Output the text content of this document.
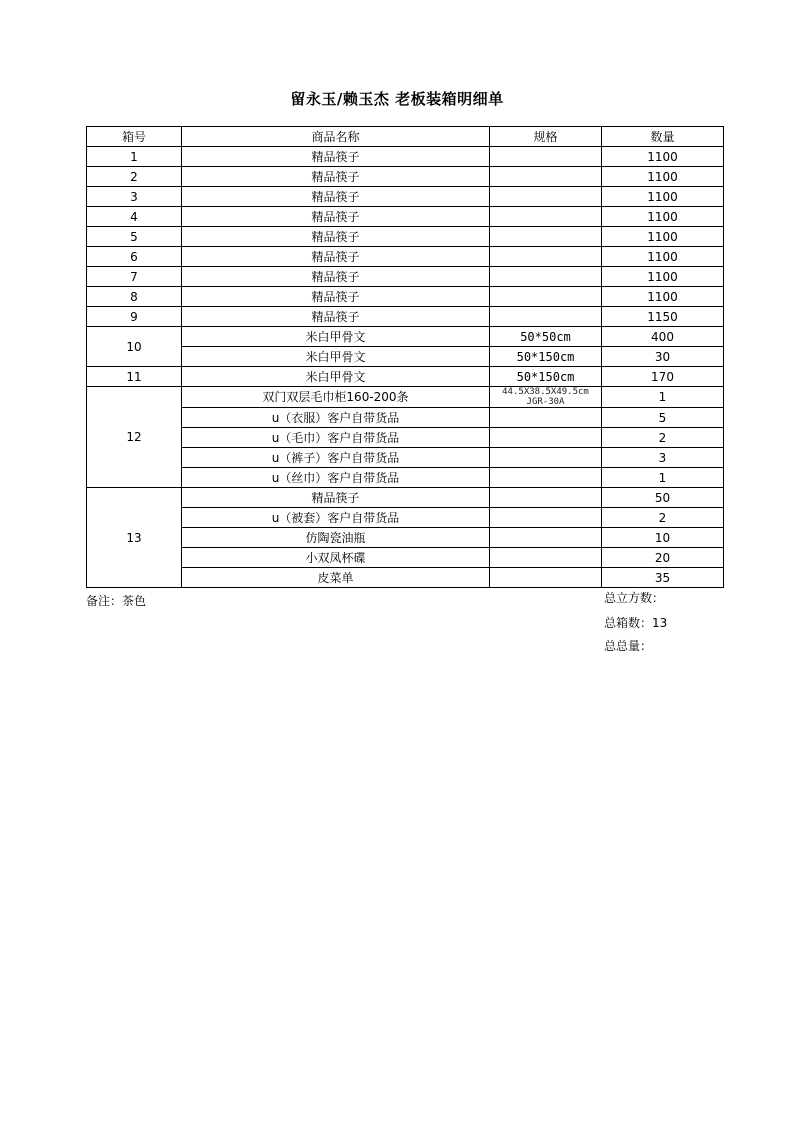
留永玉/赖玉杰 老板装箱明细单
箱号	商品名称	规格	数量
1	精品筷子		1100
2	精品筷子		1100
3	精品筷子		1100
4	精品筷子		1100
5	精品筷子		1100
6	精品筷子		1100
7	精品筷子		1100
8	精品筷子		1100
9	精品筷子		1150
10	米白甲骨文	50*50cm	400
	米白甲骨文	50*150cm	30
11	米白甲骨文	50*150cm	170
12	双门双层毛巾柜160-200条	44.5X38.5X49.5cm JGR-30A	1
	u（衣服）客户自带货品		5
	u（毛巾）客户自带货品		2
	u（裤子）客户自带货品		3
	u（丝巾）客户自带货品		1
13	精品筷子		50
	u（被套）客户自带货品		2
	仿陶瓷油瓶		10
	小双凤杯碟		20
	皮菜单		35
备注：茶色	总立方数：
总箱数：13
总总量：
